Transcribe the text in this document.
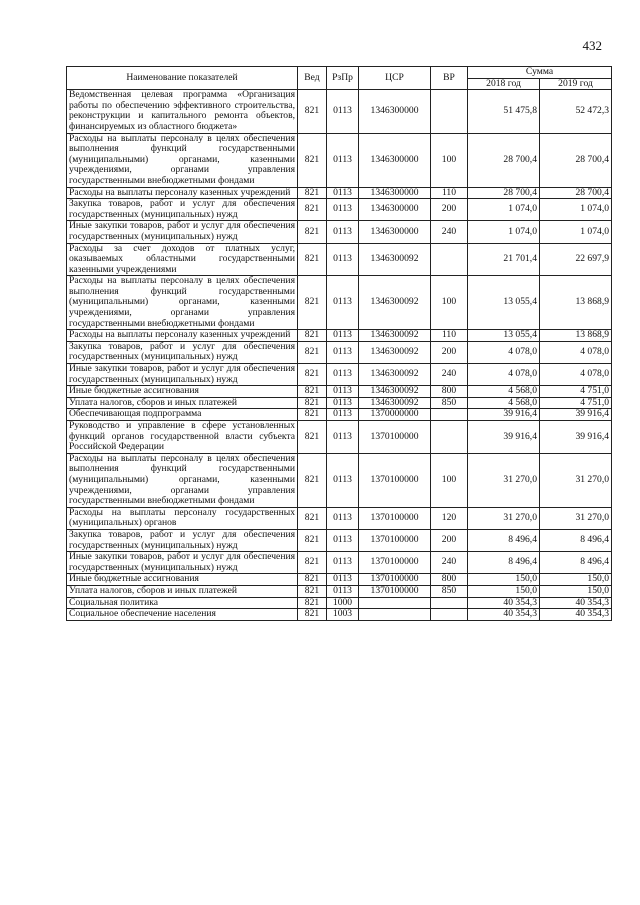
432
Наименование показателей	Вед	РзПр	ЦСР	ВР	Сумма	
					2018 год	2019 год
Ведомственная целевая программа «Организация работы по обеспечению эффективного строительства, реконструкции и капитального ремонта объектов, финансируемых из областного бюджета»	821	0113	1346300000		51 475,8	52 472,3
Расходы на выплаты персоналу в целях обеспечения выполнения функций государственными (муниципальными) органами, казенными учреждениями, органами управления государственными внебюджетными фондами	821	0113	1346300000	100	28 700,4	28 700,4
Расходы на выплаты персоналу казенных учреждений	821	0113	1346300000	110	28 700,4	28 700,4
Закупка товаров, работ и услуг для обеспечения государственных (муниципальных) нужд	821	0113	1346300000	200	1 074,0	1 074,0
Иные закупки товаров, работ и услуг для обеспечения государственных (муниципальных) нужд	821	0113	1346300000	240	1 074,0	1 074,0
Расходы за счет доходов от платных услуг, оказываемых областными государственными казенными учреждениями	821	0113	1346300092		21 701,4	22 697,9
Расходы на выплаты персоналу в целях обеспечения выполнения функций государственными (муниципальными) органами, казенными учреждениями, органами управления государственными внебюджетными фондами	821	0113	1346300092	100	13 055,4	13 868,9
Расходы на выплаты персоналу казенных учреждений	821	0113	1346300092	110	13 055,4	13 868,9
Закупка товаров, работ и услуг для обеспечения государственных (муниципальных) нужд	821	0113	1346300092	200	4 078,0	4 078,0
Иные закупки товаров, работ и услуг для обеспечения государственных (муниципальных) нужд	821	0113	1346300092	240	4 078,0	4 078,0
Иные бюджетные ассигнования	821	0113	1346300092	800	4 568,0	4 751,0
Уплата налогов, сборов и иных платежей	821	0113	1346300092	850	4 568,0	4 751,0
Обеспечивающая подпрограмма	821	0113	1370000000		39 916,4	39 916,4
Руководство и управление в сфере установленных функций органов государственной власти субъекта Российской Федерации	821	0113	1370100000		39 916,4	39 916,4
Расходы на выплаты персоналу в целях обеспечения выполнения функций государственными (муниципальными) органами, казенными учреждениями, органами управления государственными внебюджетными фондами	821	0113	1370100000	100	31 270,0	31 270,0
Расходы на выплаты персоналу государственных (муниципальных) органов	821	0113	1370100000	120	31 270,0	31 270,0
Закупка товаров, работ и услуг для обеспечения государственных (муниципальных) нужд	821	0113	1370100000	200	8 496,4	8 496,4
Иные закупки товаров, работ и услуг для обеспечения государственных (муниципальных) нужд	821	0113	1370100000	240	8 496,4	8 496,4
Иные бюджетные ассигнования	821	0113	1370100000	800	150,0	150,0
Уплата налогов, сборов и иных платежей	821	0113	1370100000	850	150,0	150,0
Социальная политика	821	1000			40 354,3	40 354,3
Социальное обеспечение населения	821	1003			40 354,3	40 354,3
